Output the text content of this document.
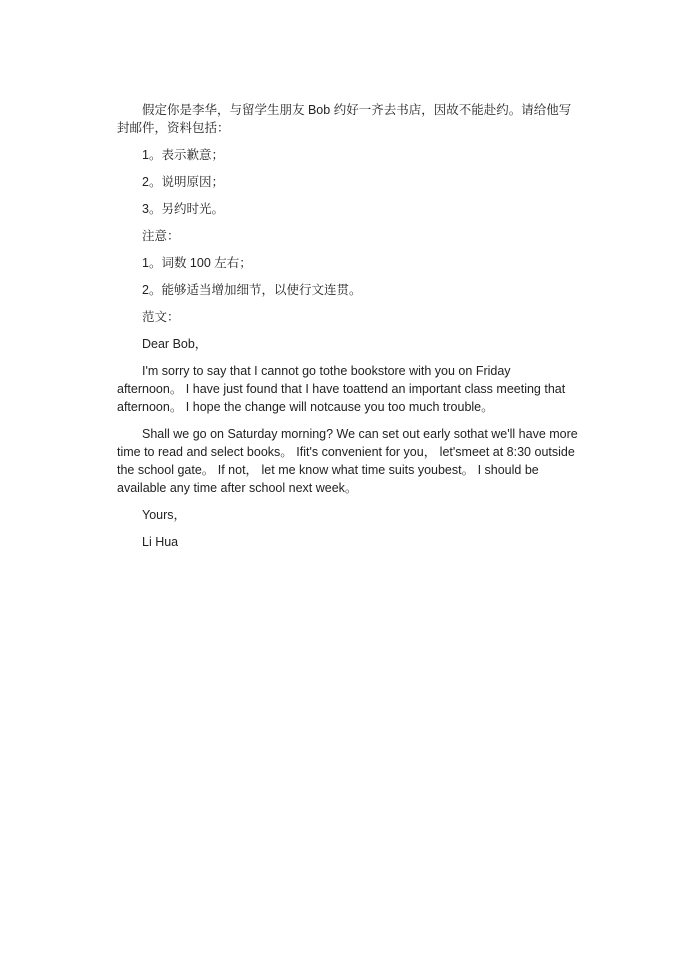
假定你是李华，与留学生朋友 Bob 约好一齐去书店，因故不能赴约。请给他写封邮件，资料包括：

1。表示歉意；

2。说明原因；

3。另约时光。

注意：

1。词数 100 左右；

2。能够适当增加细节，以使行文连贯。

范文：

Dear Bob，

I'm sorry to say that I cannot go tothe bookstore with you on Friday afternoon。 I have just found that I have toattend an important class meeting that afternoon。 I hope the change will notcause you too much trouble。

Shall we go on Saturday morning? We can set out early sothat we'll have more time to read and select books。 Ifit's convenient for you， let'smeet at 8:30 outside the school gate。 If not， let me know what time suits youbest。 I should be available any time after school next week。

Yours，

Li Hua
